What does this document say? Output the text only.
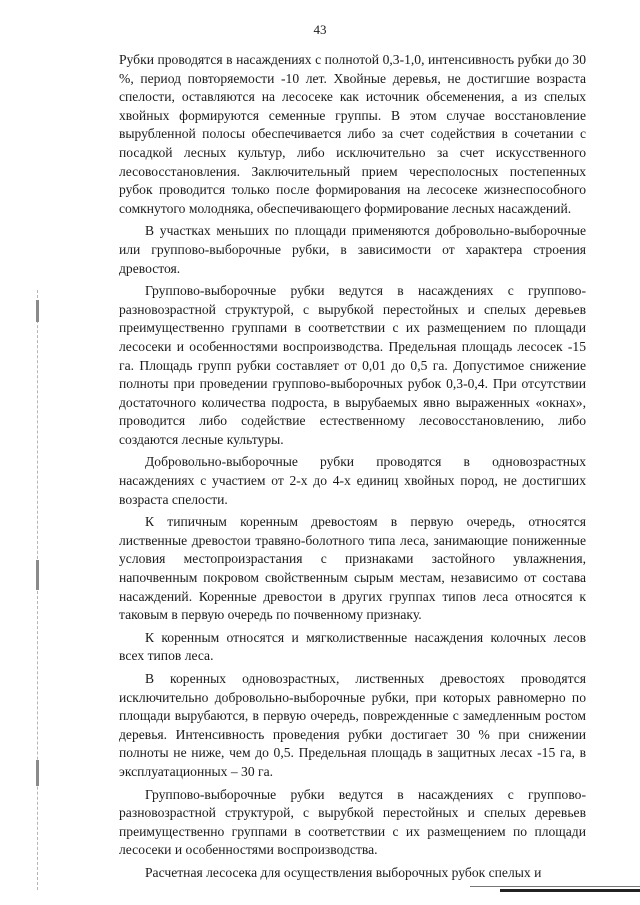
43

Рубки проводятся в насаждениях с полнотой 0,3-1,0, интенсивность рубки до 30 %, период повторяемости -10 лет. Хвойные деревья, не достигшие возраста спелости, оставляются на лесосеке как источник обсеменения, а из спелых хвойных формируются семенные группы. В этом случае восстановление вырубленной полосы обеспечивается либо за счет содействия в сочетании с посадкой лесных культур, либо исключительно за счет искусственного лесовосстановления. Заключительный прием чересполосных постепенных рубок проводится только после формирования на лесосеке жизнеспособного сомкнутого молодняка, обеспечивающего формирование лесных насаждений.

В участках меньших по площади применяются добровольно-выборочные или группово-выборочные рубки, в зависимости от характера строения древостоя.

Группово-выборочные рубки ведутся в насаждениях с группово-разновозрастной структурой, с вырубкой перестойных и спелых деревьев преимущественно группами в соответствии с их размещением по площади лесосеки и особенностями воспроизводства. Предельная площадь лесосек -15 га. Площадь групп рубки составляет от 0,01 до 0,5 га. Допустимое снижение полноты при проведении группово-выборочных рубок 0,3-0,4. При отсутствии достаточного количества подроста, в вырубаемых явно выраженных «окнах», проводится либо содействие естественному лесовосстановлению, либо создаются лесные культуры.

Добровольно-выборочные рубки проводятся в одновозрастных насаждениях с участием от 2-х до 4-х единиц хвойных пород, не достигших возраста спелости.

К типичным коренным древостоям в первую очередь, относятся лиственные древостои травяно-болотного типа леса, занимающие пониженные условия местопроизрастания с признаками застойного увлажнения, напочвенным покровом свойственным сырым местам, независимо от состава насаждений. Коренные древостои в других группах типов леса относятся к таковым в первую очередь по почвенному признаку.

К коренным относятся и мягколиственные насаждения колочных лесов всех типов леса.

В коренных одновозрастных, лиственных древостоях проводятся исключительно добровольно-выборочные рубки, при которых равномерно по площади вырубаются, в первую очередь, поврежденные с замедленным ростом деревья. Интенсивность проведения рубки достигает 30 % при снижении полноты не ниже, чем до 0,5. Предельная площадь в защитных лесах -15 га, в эксплуатационных – 30 га.

Группово-выборочные рубки ведутся в насаждениях с группово-разновозрастной структурой, с вырубкой перестойных и спелых деревьев преимущественно группами в соответствии с их размещением по площади лесосеки и особенностями воспроизводства.

Расчетная лесосека для осуществления выборочных рубок спелых и
